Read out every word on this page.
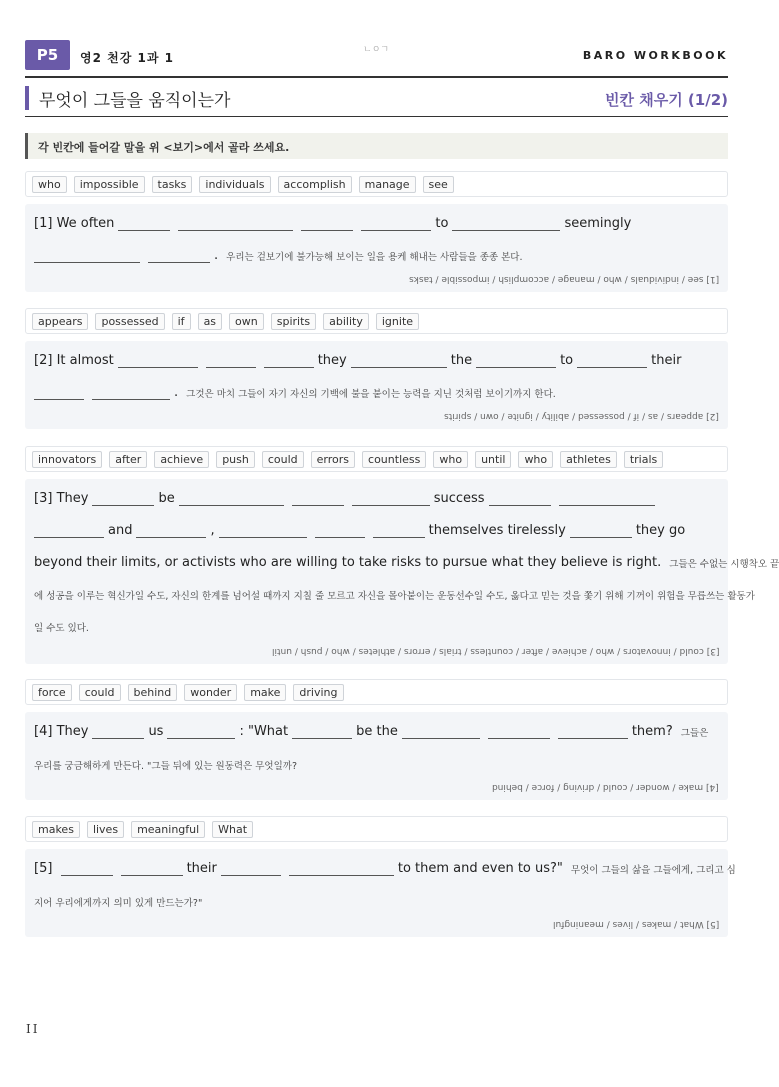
P5	영2 천강 1과 1
ㄴㅇㄱ	BARO WORKBOOK
무엇이 그들을 움직이는가	빈칸 채우기 (1/2)
각 빈칸에 들어갈 말을 위 <보기>에서 골라 쓰세요.
who	impossible	tasks	individuals	accomplish	manage	see
[1]
We often	to	seemingly
. 우리는 겉보기에 불가능해 보이는 일을 용케 해내는 사람들을 종종 본다.
[1] see / individuals / who / manage / accomplish / impossible / tasks
appears	possessed	if	as	own	spirits	ability	ignite
[2]
It almost	they	the	to	their
. 그것은 마치 그들이 자기 자신의 기백에 불을 붙이는 능력을 지닌 것처럼 보이기까지 한다.
[2] appears / as / if / possessed / ability / ignite / own / spirits
innovators	after	achieve	push	could	errors	countless	who	until	who	athletes	trials
[3]
They	be	success
and	,	themselves tirelessly	they go
beyond their limits, or activists who are willing to take risks to pursue what they believe is right. 그들은 수없는 시행착오 끝
에 성공을 이루는 혁신가일 수도, 자신의 한계를 넘어설 때까지 지칠 줄 모르고 자신을 몰아붙이는 운동선수일 수도, 옳다고 믿는 것을 쫓기 위해 기꺼이 위험을 무릅쓰는 활동가
일 수도 있다.
[3] could / innovators / who / achieve / after / countless / trials / errors / athletes / who / push / until
force	could	behind	wonder	make	driving
[4]
They	us	: "What	be the	them? 그들은
우리를 궁금해하게 만든다. "그들 뒤에 있는 원동력은 무엇일까?
[4] make / wonder / could / driving / force / behind
makes	lives	meaningful	What
[5]
	their	to them and even to us?" 무엇이 그들의 삶을 그들에게, 그리고 심
지어 우리에게까지 의미 있게 만드는가?"
[5] What / makes / lives / meaningful
II
